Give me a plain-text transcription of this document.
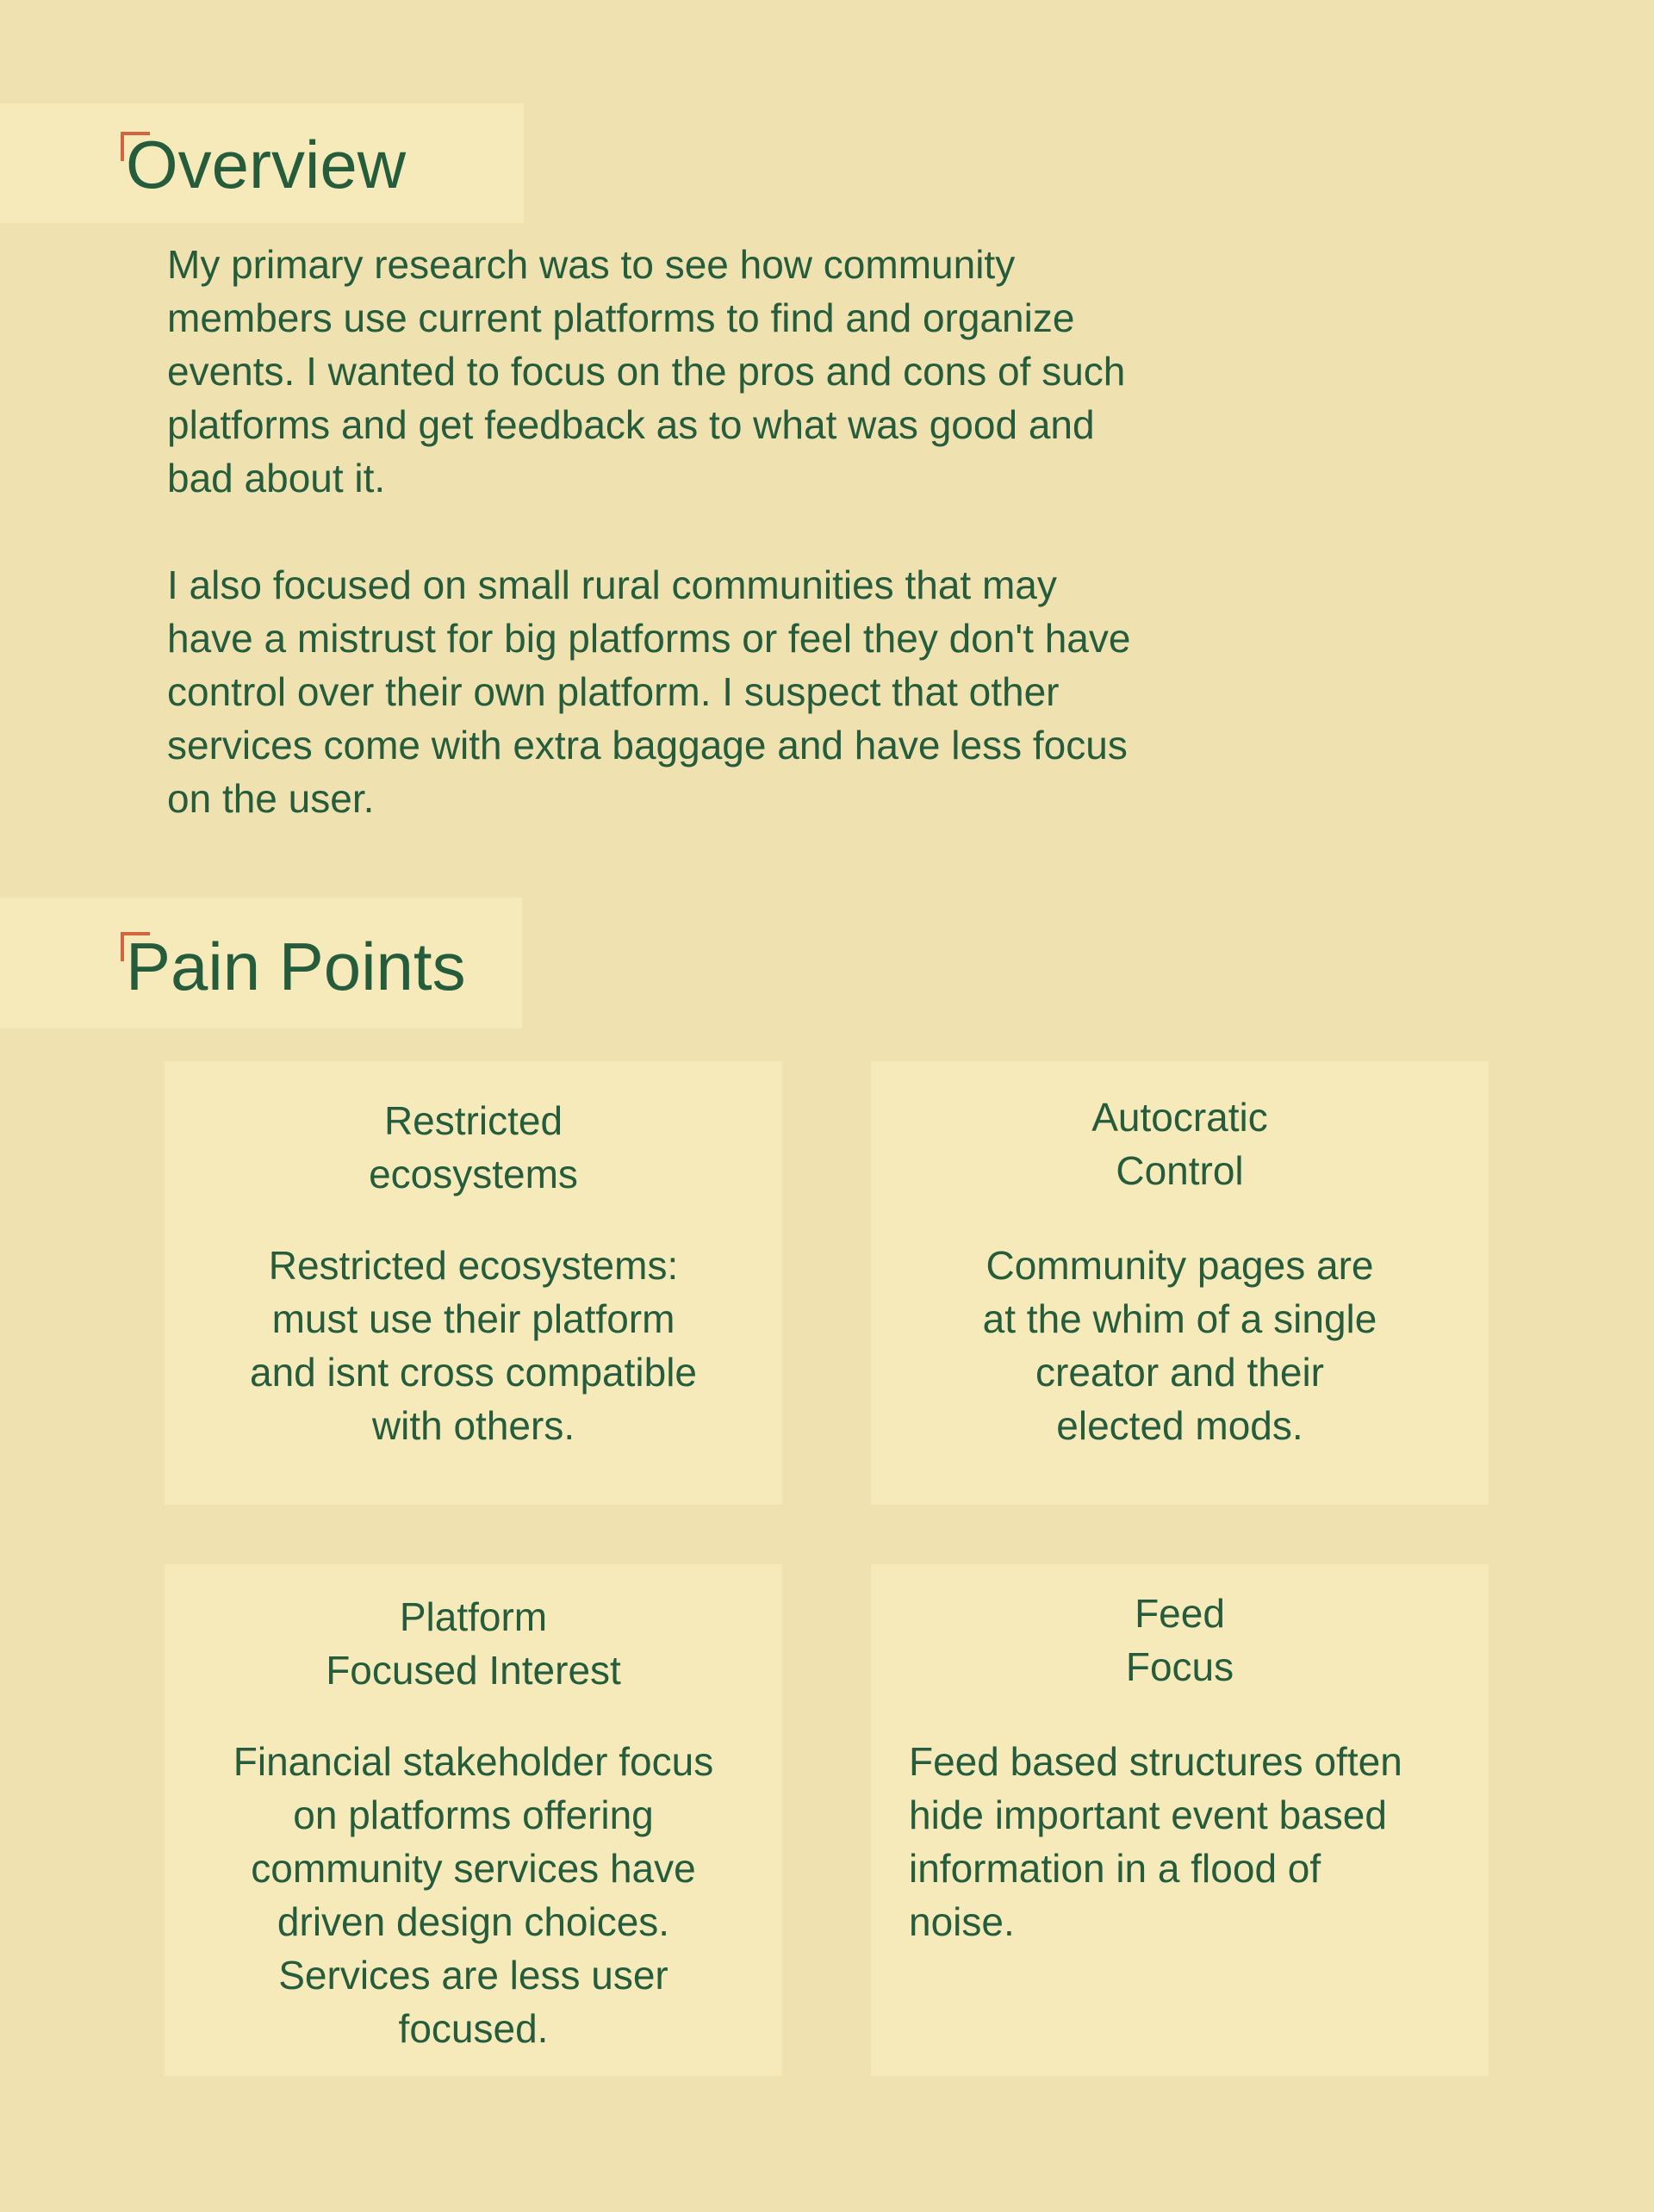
Overview

My primary research was to see how community
members use current platforms to find and organize
events. I wanted to focus on the pros and cons of such
platforms and get feedback as to what was good and
bad about it.

I also focused on small rural communities that may
have a mistrust for big platforms or feel they don't have
control over their own platform. I suspect that other
services come with extra baggage and have less focus
on the user.

Pain Points
Restricted
ecosystems
Restricted ecosystems:
must use their platform
and isnt cross compatible
with others.
Autocratic
Control
Community pages are
at the whim of a single
creator and their
elected mods.
Platform
Focused Interest
Financial stakeholder focus
on platforms offering
community services have
driven design choices.
Services are less user
focused.
Feed
Focus
Feed based structures often
hide important event based
information in a flood of
noise.
